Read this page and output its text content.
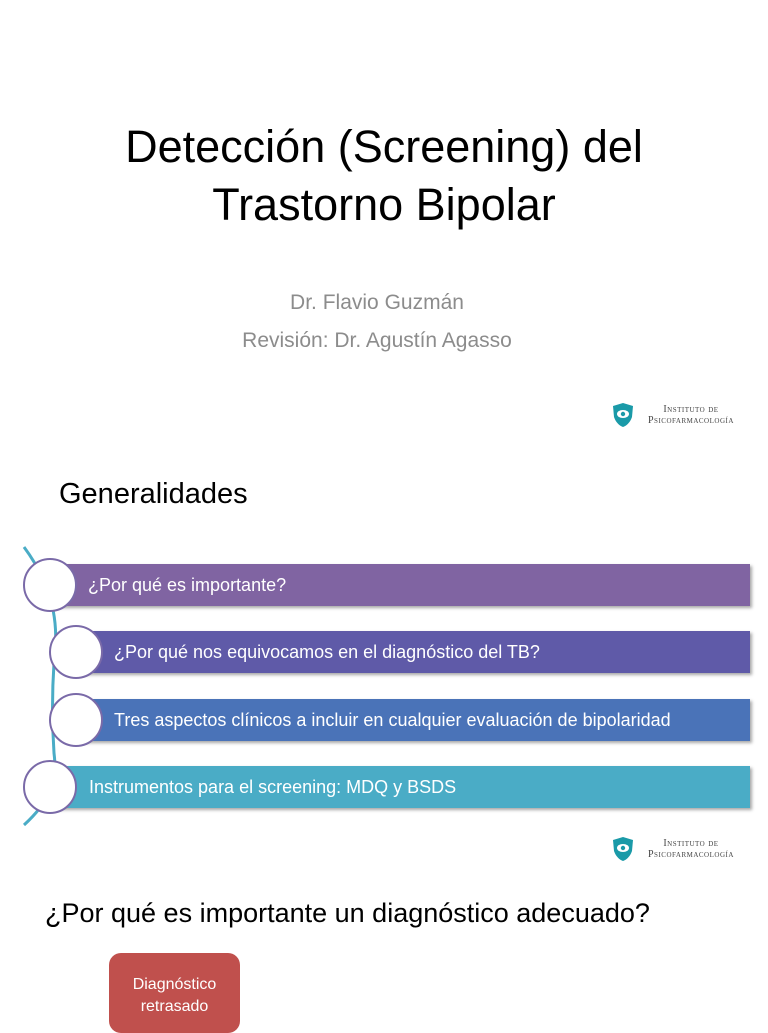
Detección (Screening) del
Trastorno Bipolar
Dr. Flavio Guzmán
Revisión: Dr. Agustín Agasso
Instituto de
Psicofarmacología
Generalidades
¿Por qué es importante?
¿Por qué nos equivocamos en el diagnóstico del TB?
Tres aspectos clínicos a incluir en cualquier evaluación de bipolaridad
Instrumentos para el screening: MDQ y BSDS
Instituto de
Psicofarmacología
¿Por qué es importante un diagnóstico adecuado?
Diagnóstico
retrasado
